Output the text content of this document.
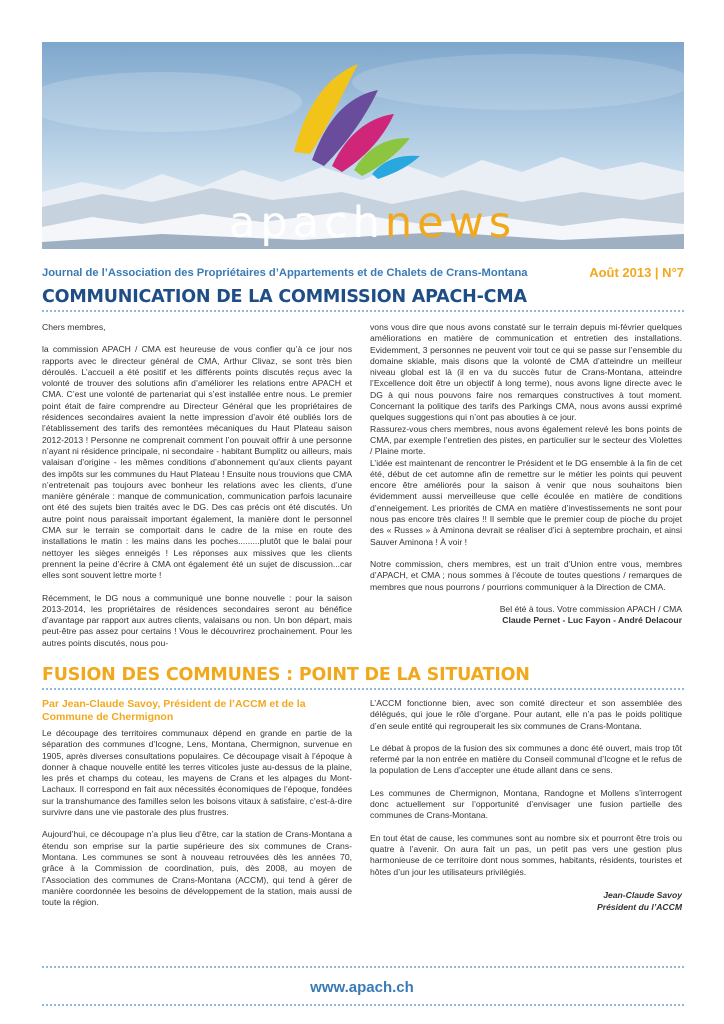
apachnews
Journal de l’Association des Propriétaires d’Appartements et de Chalets de Crans-Montana	Août 2013 | N°7
COMMUNICATION DE LA COMMISSION APACH-CMA

Chers membres,

la commission APACH / CMA est heureuse de vous confier qu’à ce jour nos rapports avec le directeur général de CMA, Arthur Clivaz, se sont très bien déroulés. L’accueil a été positif et les différents points discutés reçus avec la volonté de trouver des solutions afin d’améliorer les relations entre APACH et CMA. C’est une volonté de partenariat qui s’est installée entre nous. Le premier point était de faire comprendre au Directeur Général que les propriétaires de résidences secondaires avaient la nette impression d’avoir été oubliés lors de l’établissement des tarifs des remontées mécaniques du Haut Plateau saison 2012-2013 ! Personne ne comprenait comment l’on pouvait offrir à une personne n’ayant ni résidence principale, ni secondaire - habitant Bumplitz ou ailleurs, mais valaisan d’origine - les mêmes conditions d’abonnement qu’aux clients payant des impôts sur les communes du Haut Plateau ! Ensuite nous trouvions que CMA n’entretenait pas toujours avec bonheur les relations avec les clients, d’une manière générale : manque de communication, communication parfois lacunaire ont été des sujets bien traités avec le DG. Des cas précis ont été discutés. Un autre point nous paraissait important également, la manière dont le personnel CMA sur le terrain se comportait dans le cadre de la mise en route des installations le matin : les mains dans les poches.........plutôt que le balai pour nettoyer les sièges enneigés ! Les réponses aux missives que les clients prennent la peine d’écrire à CMA ont également été un sujet de discussion...car elles sont souvent lettre morte !

Récemment, le DG nous a communiqué une bonne nouvelle : pour la saison 2013-2014, les propriétaires de résidences secondaires seront au bénéfice d’avantage par rapport aux autres clients, valaisans ou non. Un bon départ, mais peut-être pas assez pour certains ! Vous le découvrirez prochainement. Pour les autres points discutés, nous pou-

vons vous dire que nous avons constaté sur le terrain depuis mi-février quelques améliorations en matière de communication et entretien des installations. Evidemment, 3 personnes ne peuvent voir tout ce qui se passe sur l’ensemble du domaine skiable, mais disons que la volonté de CMA d’atteindre un meilleur niveau global est là (il en va du succès futur de Crans-Montana, atteindre l’Excellence doit être un objectif à long terme), nous avons ligne directe avec le DG à qui nous pouvons faire nos remarques constructives à tout moment. Concernant la politique des tarifs des Parkings CMA, nous avons aussi exprimé quelques suggestions qui n’ont pas abouties à ce jour.

Rassurez-vous chers membres, nous avons également relevé les bons points de CMA, par exemple l’entretien des pistes, en particulier sur le secteur des Violettes / Plaine morte.

L’idée est maintenant de rencontrer le Président et le DG ensemble à la fin de cet été, début de cet automne afin de remettre sur le métier les points qui peuvent encore être améliorés pour la saison à venir que nous souhaitons bien évidemment aussi merveilleuse que celle écoulée en matière de conditions d’enneigement. Les priorités de CMA en matière d’investissements ne sont pour nous pas encore très claires !! Il semble que le premier coup de pioche du projet des « Russes » à Aminona devrait se réaliser d’ici à septembre prochain, et ainsi Sauver Aminona ! À voir !

Notre commission, chers membres, est un trait d’Union entre vous, membres d’APACH, et CMA ; nous sommes à l’écoute de toutes questions / remarques de membres que nous pourrons / pourrions communiquer à la Direction de CMA.

Bel été à tous. Votre commission APACH / CMA
Claude Pernet - Luc Fayon - André Delacour
FUSION DES COMMUNES : POINT DE LA SITUATION
Par Jean-Claude Savoy, Président de l’ACCM et de la Commune de Chermignon

Le découpage des territoires communaux dépend en grande en partie de la séparation des communes d’Icogne, Lens, Montana, Chermignon, survenue en 1905, après diverses consultations populaires. Ce découpage visait à l’époque à donner à chaque nouvelle entité les terres viticoles juste au-dessus de la plaine, les prés et champs du coteau, les mayens de Crans et les alpages du Mont-Lachaux. Il correspond en fait aux nécessités économiques de l’époque, fondées sur la transhumance des familles selon les boisons vitaux à satisfaire, c’est-à-dire survivre dans une vie pastorale des plus frustres.

Aujourd’hui, ce découpage n’a plus lieu d’être, car la station de Crans-Montana a étendu son emprise sur la partie supérieure des six communes de Crans-Montana. Les communes se sont à nouveau retrouvées dès les années 70, grâce à la Commission de coordination, puis, dès 2008, au moyen de l’Association des communes de Crans-Montana (ACCM), qui tend à gérer de manière coordonnée les besoins de développement de la station, mais aussi de toute la région.

L’ACCM fonctionne bien, avec son comité directeur et son assemblée des délégués, qui joue le rôle d’organe. Pour autant, elle n’a pas le poids politique d’en seule entité qui regrouperait les six communes de Crans-Montana.

Le débat à propos de la fusion des six communes a donc été ouvert, mais trop tôt refermé par la non entrée en matière du Conseil communal d’Icogne et le refus de la population de Lens d’accepter une étude allant dans ce sens.

Les communes de Chermignon, Montana, Randogne et Mollens s’interrogent donc actuellement sur l’opportunité d’envisager une fusion partielle des communes de Crans-Montana.

En tout état de cause, les communes sont au nombre six et pourront être trois ou quatre à l’avenir. On aura fait un pas, un petit pas vers une gestion plus harmonieuse de ce territoire dont nous sommes, habitants, résidents, touristes et hôtes d’un jour les utilisateurs privilégiés.

Jean-Claude Savoy
Président du l’ACCM
www.apach.ch
